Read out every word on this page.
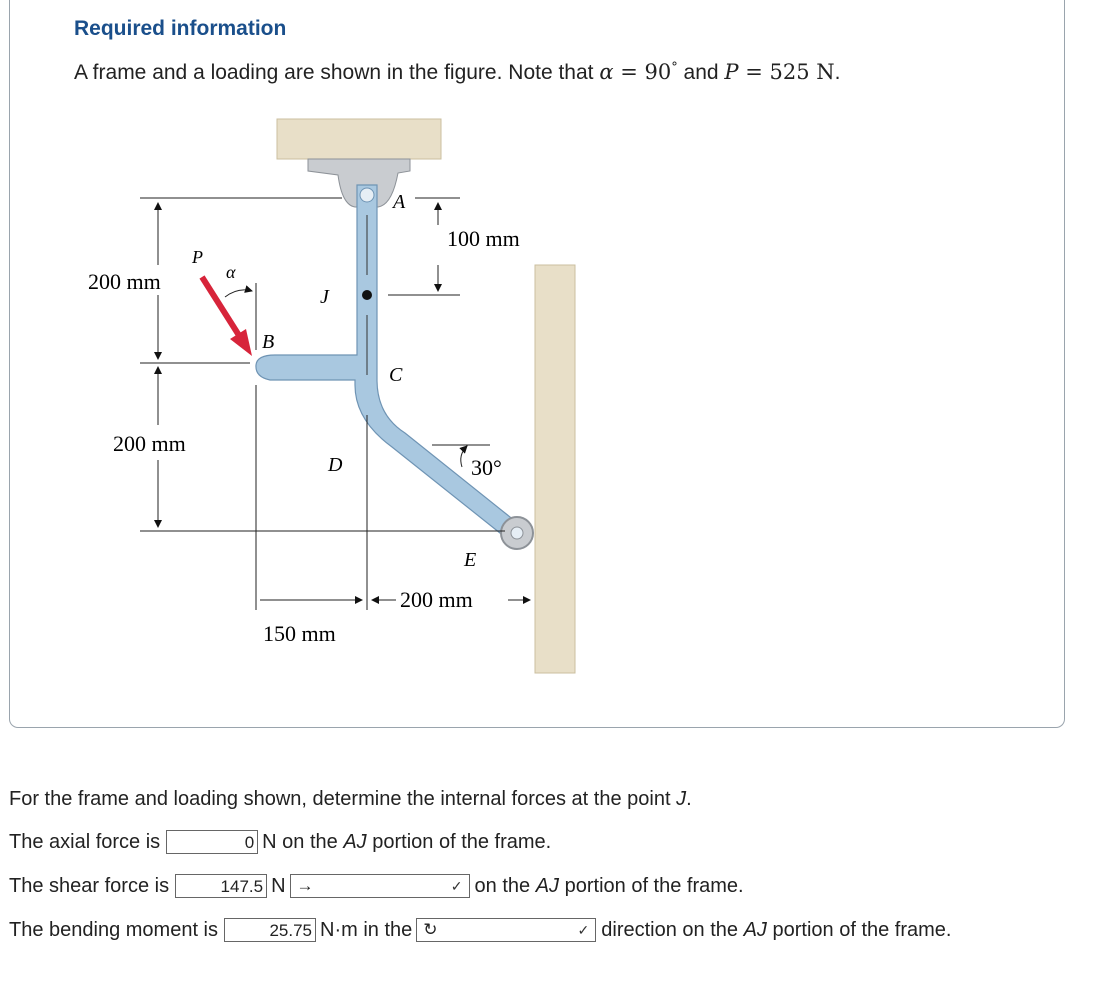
Required information
A frame and a loading are shown in the figure. Note that α = 90° and P = 525 N.
A
J
B
C
D
E
P
α
200 mm
200 mm
100 mm
30°
150 mm
200 mm
For the frame and loading shown, determine the internal forces at the point J.
The axial force is	0 N on the
AJ
portion of the frame.
The shear force is	147.5 N →	✓ on the
AJ
portion of the frame.
The bending moment is	25.75 N·m in the ↻	✓ direction on the
AJ
portion of the frame.
